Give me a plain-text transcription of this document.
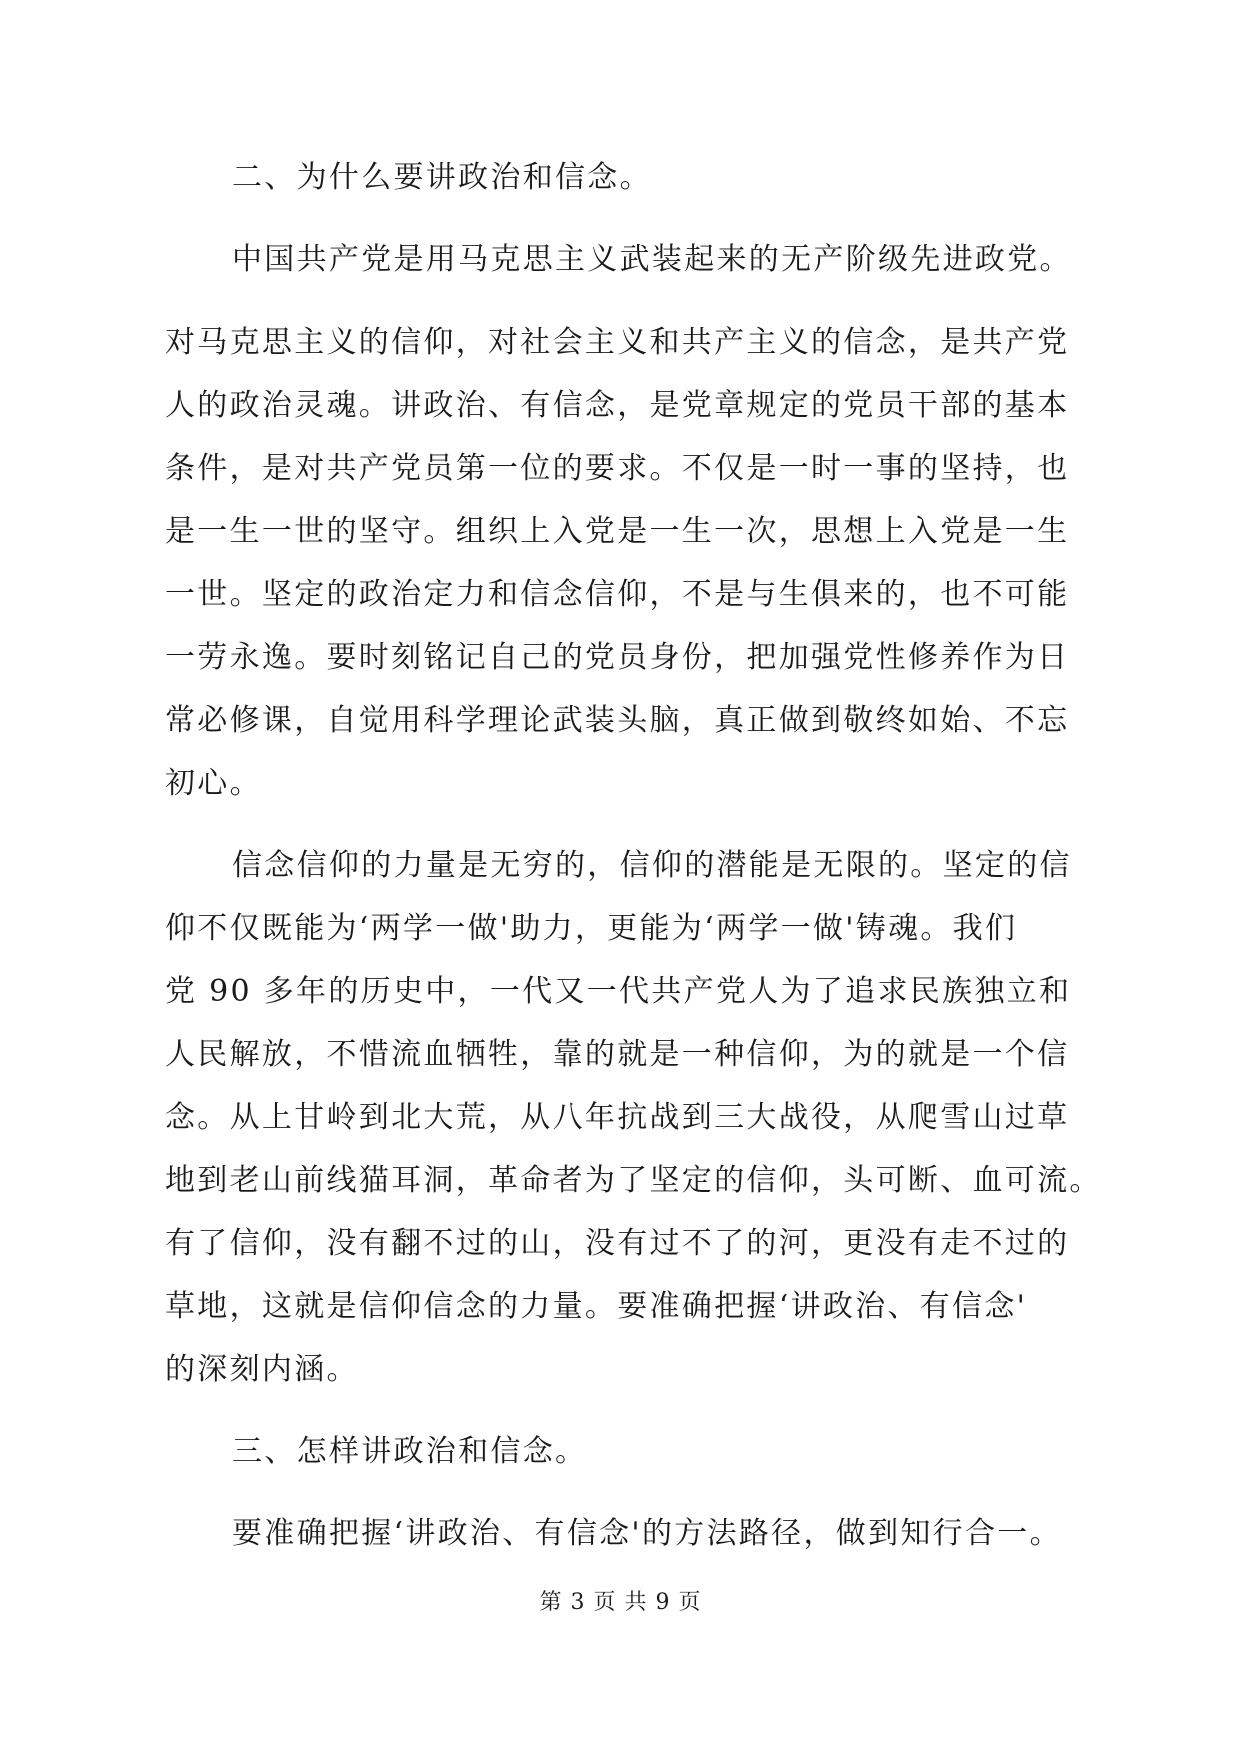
二、为什么要讲政治和信念。
中国共产党是用马克思主义武装起来的无产阶级先进政党。
对马克思主义的信仰，对社会主义和共产主义的信念，是共产党
人的政治灵魂。讲政治、有信念，是党章规定的党员干部的基本
条件，是对共产党员第一位的要求。不仅是一时一事的坚持，也
是一生一世的坚守。组织上入党是一生一次，思想上入党是一生
一世。坚定的政治定力和信念信仰，不是与生俱来的，也不可能
一劳永逸。要时刻铭记自己的党员身份，把加强党性修养作为日
常必修课，自觉用科学理论武装头脑，真正做到敬终如始、不忘
初心。
信念信仰的力量是无穷的，信仰的潜能是无限的。坚定的信
仰不仅既能为‘两学一做'助力，更能为‘两学一做'铸魂。我们
党 90 多年的历史中，一代又一代共产党人为了追求民族独立和
人民解放，不惜流血牺牲，靠的就是一种信仰，为的就是一个信
念。从上甘岭到北大荒，从八年抗战到三大战役，从爬雪山过草
地到老山前线猫耳洞，革命者为了坚定的信仰，头可断、血可流。
有了信仰，没有翻不过的山，没有过不了的河，更没有走不过的
草地，这就是信仰信念的力量。要准确把握‘讲政治、有信念'
的深刻内涵。
三、怎样讲政治和信念。
要准确把握‘讲政治、有信念'的方法路径，做到知行合一。
第 3 页 共 9 页
